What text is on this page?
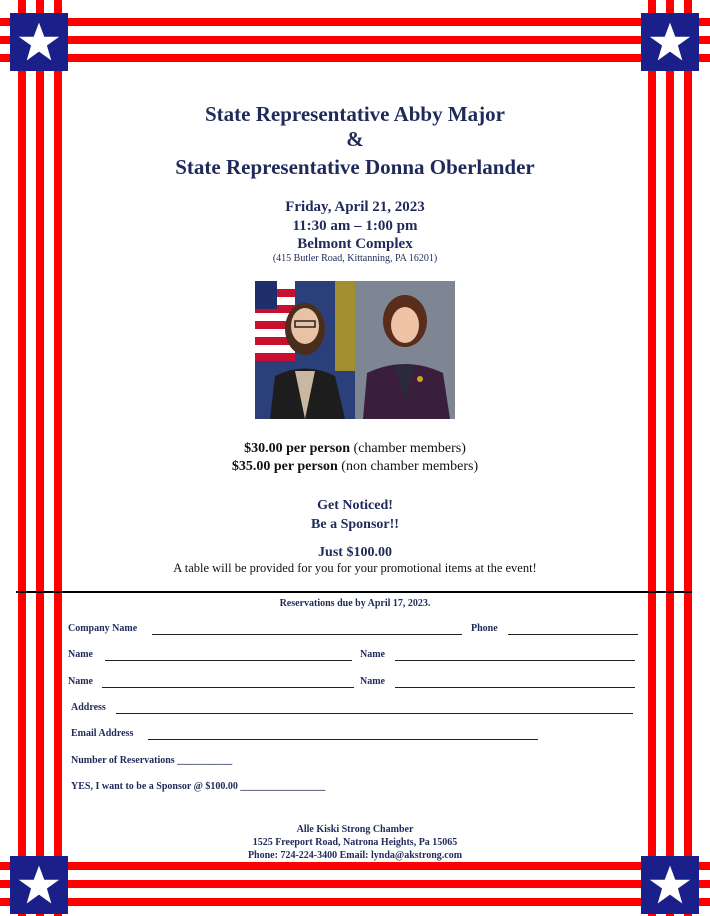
State Representative Abby Major
&
State Representative Donna Oberlander
Friday, April 21, 2023
11:30 am – 1:00 pm
Belmont Complex
(415 Butler Road, Kittanning, PA 16201)
$30.00 per person (chamber members)
$35.00 per person (non chamber members)
Get Noticed!
Be a Sponsor!!
Just $100.00
A table will be provided for you for your promotional items at the event!
Reservations due by April 17, 2023.
Company Name	Phone
Name	Name
Name	Name
Address
Email Address
Number of Reservations ___________
YES, I want to be a Sponsor @ $100.00 _________________
Alle Kiski Strong Chamber
1525 Freeport Road, Natrona Heights, Pa 15065
Phone: 724-224-3400 Email: lynda@akstrong.com
